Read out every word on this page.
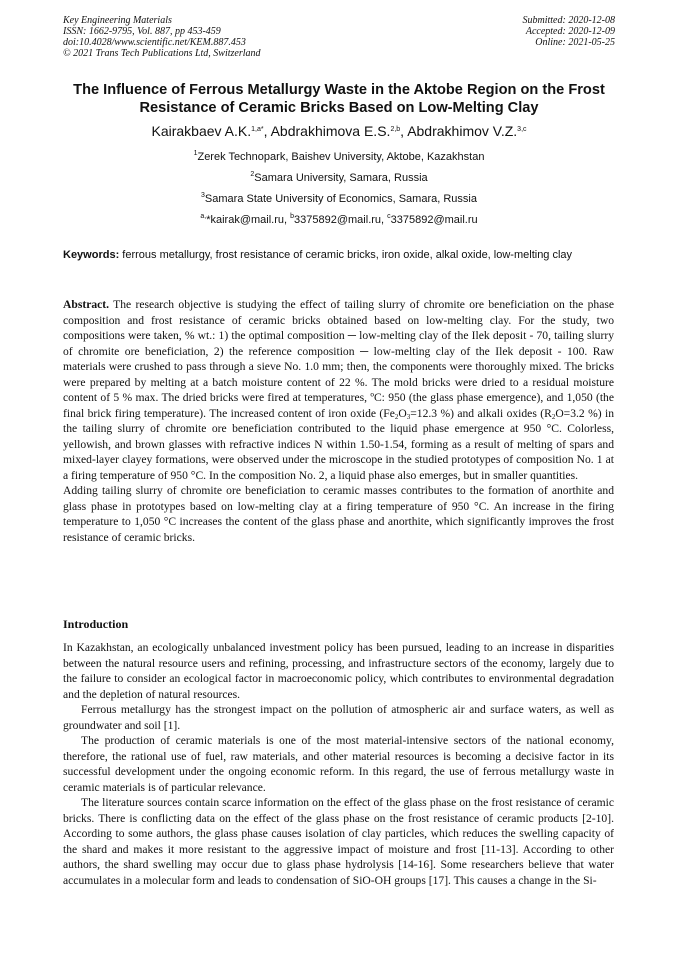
Key Engineering Materials
ISSN: 1662-9795, Vol. 887, pp 453-459
doi:10.4028/www.scientific.net/KEM.887.453
© 2021 Trans Tech Publications Ltd, Switzerland
Submitted: 2020-12-08
Accepted: 2020-12-09
Online: 2021-05-25
The Influence of Ferrous Metallurgy Waste in the Aktobe Region on the Frost Resistance of Ceramic Bricks Based on Low-Melting Clay
Kairakbaev A.K.$^{1,a*}$, Abdrakhimova E.S.$^{2,b}$, Abdrakhimov V.Z.$^{3,c}$
$^1$Zerek Technopark, Baishev University, Aktobe, Kazakhstan
$^2$Samara University, Samara, Russia
$^3$Samara State University of Economics, Samara, Russia
$^{a,}$*kairak@mail.ru, $^b$3375892@mail.ru, $^c$3375892@mail.ru
Keywords: ferrous metallurgy, frost resistance of ceramic bricks, iron oxide, alkal oxide, low-melting clay

Abstract. The research objective is studying the effect of tailing slurry of chromite ore beneficiation on the phase composition and frost resistance of ceramic bricks obtained based on low-melting clay. For the study, two compositions were taken, % wt.: 1) the optimal composition ─ low-melting clay of the Ilek deposit - 70, tailing slurry of chromite ore beneficiation, 2) the reference composition ─ low-melting clay of the Ilek deposit - 100. Raw materials were crushed to pass through a sieve No. 1.0 mm; then, the components were thoroughly mixed. The bricks were prepared by melting at a batch moisture content of 22 %. The mold bricks were dried to a residual moisture content of 5 % max. The dried bricks were fired at temperatures, ºC: 950 (the glass phase emergence), and 1,050 (the final brick firing temperature). The increased content of iron oxide ($Fe_2O_3=12.3$ %) and alkali oxides ($R_2O=3.2$ %) in the tailing slurry of chromite ore beneficiation contributed to the liquid phase emergence at 950 °C. Colorless, yellowish, and brown glasses with refractive indices N within 1.50-1.54, forming as a result of melting of spars and mixed-layer clayey formations, were observed under the microscope in the studied prototypes of composition No. 1 at a firing temperature of 950 °C. In the composition No. 2, a liquid phase also emerges, but in smaller quantities.

Adding tailing slurry of chromite ore beneficiation to ceramic masses contributes to the formation of anorthite and glass phase in prototypes based on low-melting clay at a firing temperature of 950 °C. An increase in the firing temperature to 1,050 °C increases the content of the glass phase and anorthite, which significantly improves the frost resistance of ceramic bricks.

Introduction

In Kazakhstan, an ecologically unbalanced investment policy has been pursued, leading to an increase in disparities between the natural resource users and refining, processing, and infrastructure sectors of the economy, largely due to the failure to consider an ecological factor in macroeconomic policy, which contributes to environmental degradation and the depletion of natural resources.

Ferrous metallurgy has the strongest impact on the pollution of atmospheric air and surface waters, as well as groundwater and soil [1].

The production of ceramic materials is one of the most material-intensive sectors of the national economy, therefore, the rational use of fuel, raw materials, and other material resources is becoming a decisive factor in its successful development under the ongoing economic reform. In this regard, the use of ferrous metallurgy waste in ceramic materials is of particular relevance.

The literature sources contain scarce information on the effect of the glass phase on the frost resistance of ceramic bricks. There is conflicting data on the effect of the glass phase on the frost resistance of ceramic products [2-10]. According to some authors, the glass phase causes isolation of clay particles, which reduces the swelling capacity of the shard and makes it more resistant to the aggressive impact of moisture and frost [11-13]. According to other authors, the shard swelling may occur due to glass phase hydrolysis [14-16]. Some researchers believe that water accumulates in a molecular form and leads to condensation of SiO-OH groups [17]. This causes a change in the Si-
